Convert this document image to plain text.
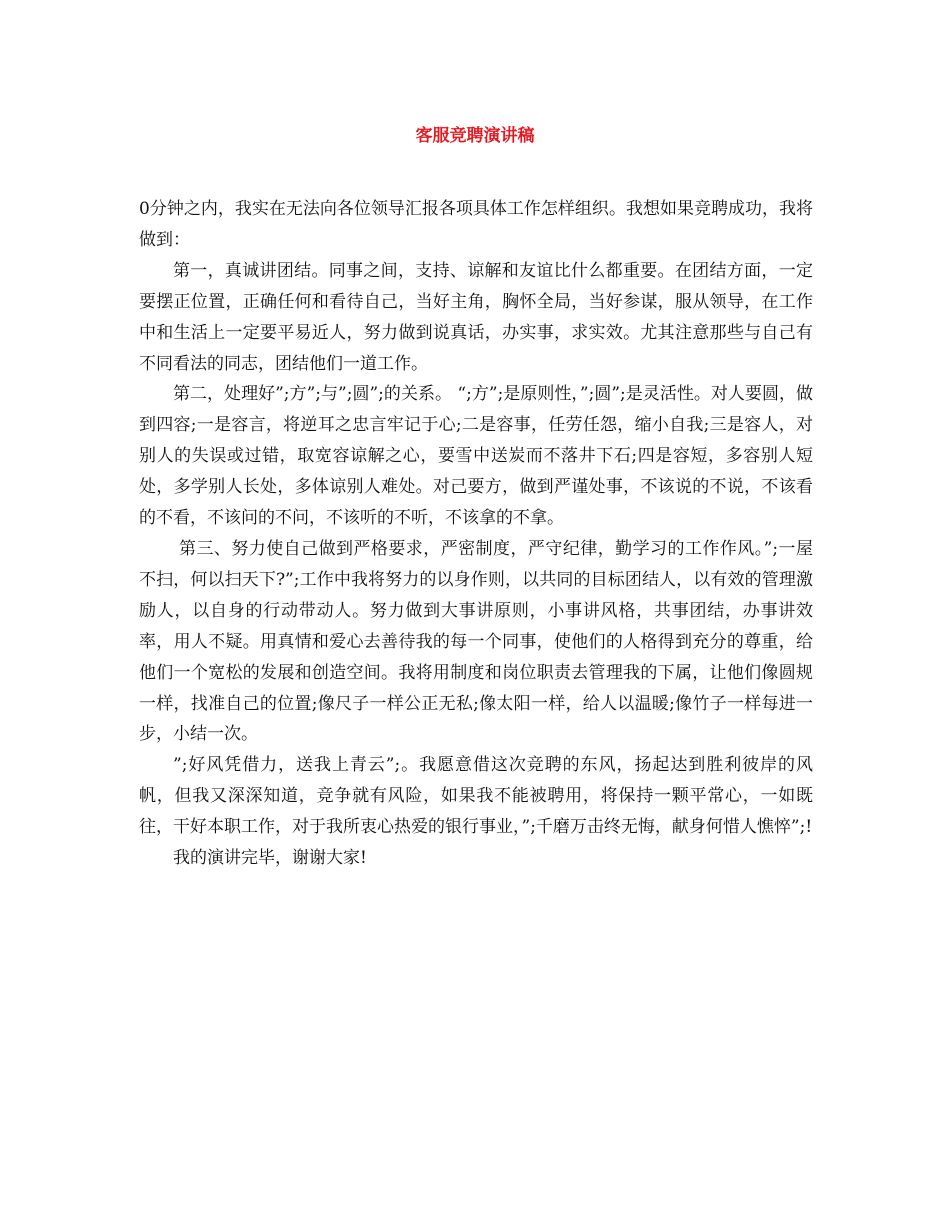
客服竞聘演讲稿

0分钟之内，我实在无法向各位领导汇报各项具体工作怎样组织。我想如果竞聘成功，我将做到：

第一，真诚讲团结。同事之间，支持、谅解和友谊比什么都重要。在团结方面，一定要摆正位置，正确任何和看待自己，当好主角，胸怀全局，当好参谋，服从领导，在工作中和生活上一定要平易近人，努力做到说真话，办实事，求实效。尤其注意那些与自己有不同看法的同志，团结他们一道工作。

第二，处理好”;方”;与”;圆”;的关系。 “;方”;是原则性，”;圆”;是灵活性。对人要圆，做到四容;一是容言，将逆耳之忠言牢记于心;二是容事，任劳任怨，缩小自我;三是容人，对别人的失误或过错，取宽容谅解之心，要雪中送炭而不落井下石;四是容短，多容别人短处，多学别人长处，多体谅别人难处。对己要方，做到严谨处事，不该说的不说，不该看的不看，不该问的不问，不该听的不听，不该拿的不拿。

第三、努力使自己做到严格要求，严密制度，严守纪律，勤学习的工作作风。”;一屋不扫，何以扫天下?”;工作中我将努力的以身作则，以共同的目标团结人，以有效的管理激励人，以自身的行动带动人。努力做到大事讲原则，小事讲风格，共事团结，办事讲效率，用人不疑。用真情和爱心去善待我的每一个同事，使他们的人格得到充分的尊重，给他们一个宽松的发展和创造空间。我将用制度和岗位职责去管理我的下属，让他们像圆规一样，找准自己的位置;像尺子一样公正无私;像太阳一样，给人以温暖;像竹子一样每进一步，小结一次。

”;好风凭借力，送我上青云”;。我愿意借这次竞聘的东风，扬起达到胜利彼岸的风帆，但我又深深知道，竞争就有风险，如果我不能被聘用，将保持一颗平常心，一如既往，干好本职工作，对于我所衷心热爱的银行事业，”;千磨万击终无悔，献身何惜人憔悴”;!

我的演讲完毕，谢谢大家!
